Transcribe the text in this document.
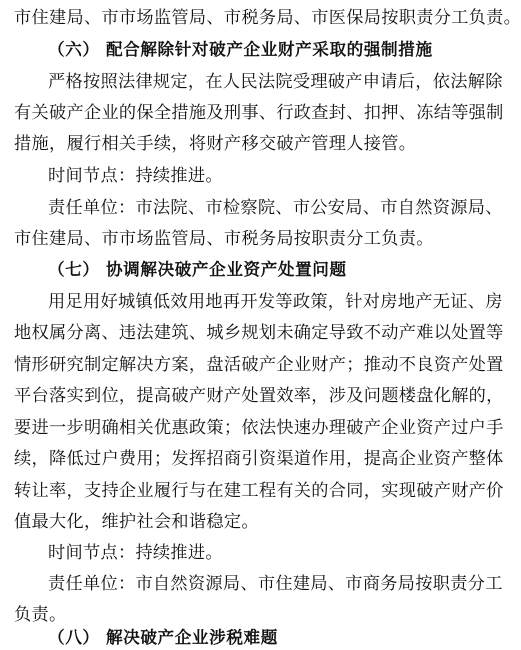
市住建局、市市场监管局、市税务局、市医保局按职责分工负责。
（六） 配合解除针对破产企业财产采取的强制措施
严格按照法律规定，在人民法院受理破产申请后，依法解除
有关破产企业的保全措施及刑事、行政查封、扣押、冻结等强制
措施，履行相关手续，将财产移交破产管理人接管。
时间节点：持续推进。
责任单位：市法院、市检察院、市公安局、市自然资源局、
市住建局、市市场监管局、市税务局按职责分工负责。
（七） 协调解决破产企业资产处置问题
用足用好城镇低效用地再开发等政策，针对房地产无证、房
地权属分离、违法建筑、城乡规划未确定导致不动产难以处置等
情形研究制定解决方案，盘活破产企业财产；推动不良资产处置
平台落实到位，提高破产财产处置效率，涉及问题楼盘化解的，
要进一步明确相关优惠政策；依法快速办理破产企业资产过户手
续，降低过户费用；发挥招商引资渠道作用，提高企业资产整体
转让率，支持企业履行与在建工程有关的合同，实现破产财产价
值最大化，维护社会和谐稳定。
时间节点：持续推进。
责任单位：市自然资源局、市住建局、市商务局按职责分工
负责。
（八） 解决破产企业涉税难题
